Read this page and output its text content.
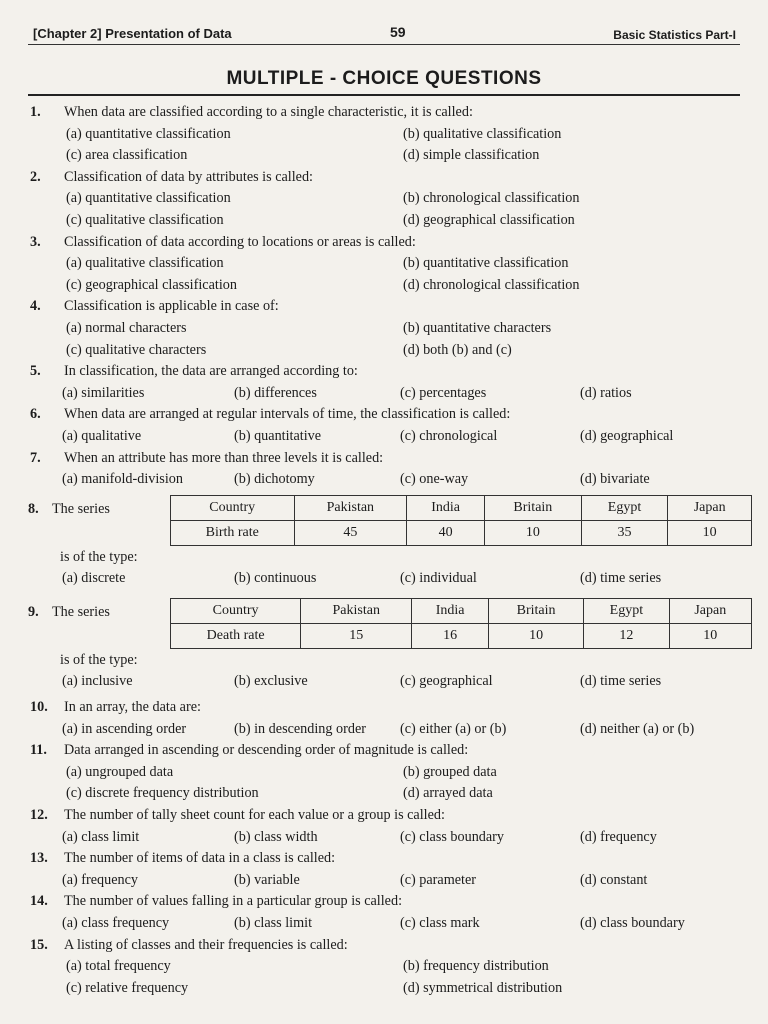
[Chapter 2] Presentation of Data	59	Basic Statistics Part-I
MULTIPLE - CHOICE QUESTIONS
1.	When data are classified according to a single characteristic, it is called:
(a) quantitative classification	(b) qualitative classification
(c) area classification	(d) simple classification
2.	Classification of data by attributes is called:
(a) quantitative classification	(b) chronological classification
(c) qualitative classification	(d) geographical classification
3.	Classification of data according to locations or areas is called:
(a) qualitative classification	(b) quantitative classification
(c) geographical classification	(d) chronological classification
4.	Classification is applicable in case of:
(a) normal characters	(b) quantitative characters
(c) qualitative characters	(d) both (b) and (c)
5.	In classification, the data are arranged according to:
(a) similarities	(b) differences	(c) percentages	(d) ratios
6.	When data are arranged at regular intervals of time, the classification is called:
(a) qualitative	(b) quantitative	(c) chronological	(d) geographical
7.	When an attribute has more than three levels it is called:
(a) manifold-division	(b) dichotomy	(c) one-way	(d) bivariate
8. The series	Country	Pakistan	India	Britain	Egypt	Japan
Birth rate	45	40	10	35	10
is of the type:
(a) discrete	(b) continuous	(c) individual	(d) time series
9. The series	Country	Pakistan	India	Britain	Egypt	Japan
Death rate	15	16	10	12	10
is of the type:
(a) inclusive	(b) exclusive	(c) geographical	(d) time series
10.	In an array, the data are:
(a) in ascending order	(b) in descending order (c) either (a) or (b)	(d) neither (a) or (b)
11.	Data arranged in ascending or descending order of magnitude is called:
(a) ungrouped data	(b) grouped data
(c) discrete frequency distribution	(d) arrayed data
12.	The number of tally sheet count for each value or a group is called:
(a) class limit	(b) class width	(c) class boundary	(d) frequency
13.	The number of items of data in a class is called:
(a) frequency	(b) variable	(c) parameter	(d) constant
14.	The number of values falling in a particular group is called:
(a) class frequency	(b) class limit	(c) class mark	(d) class boundary
15.	A listing of classes and their frequencies is called:
(a) total frequency	(b) frequency distribution
(c) relative frequency	(d) symmetrical distribution
